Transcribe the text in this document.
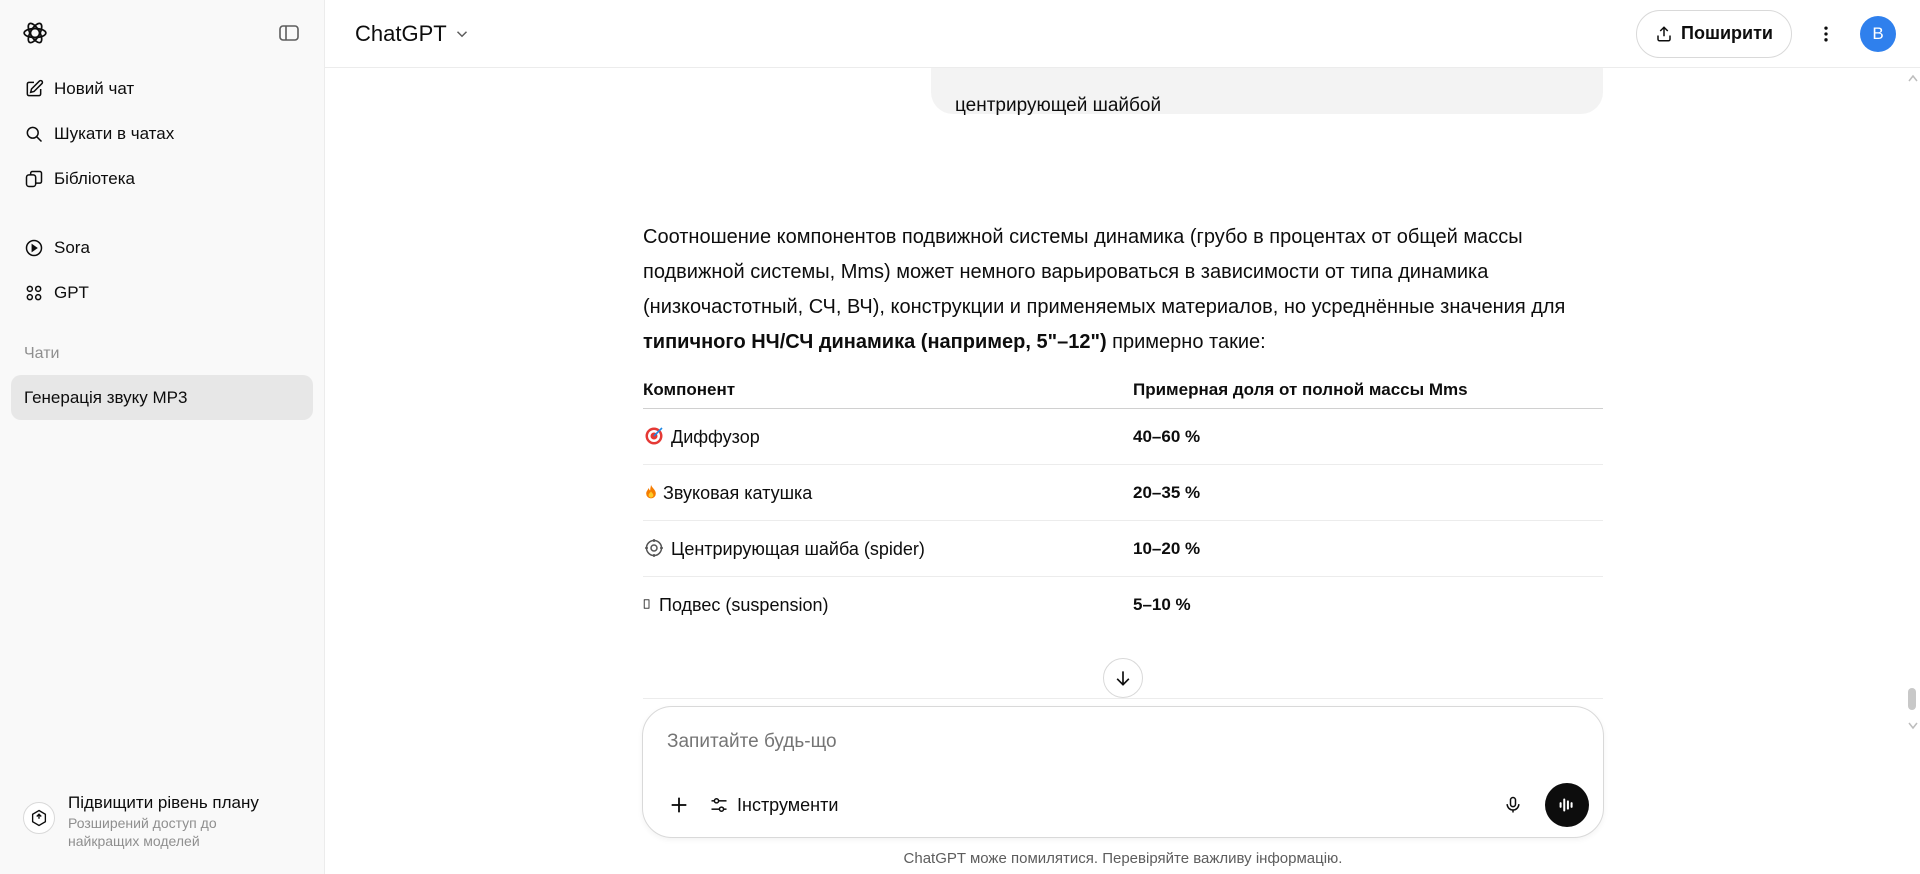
Новий чат
Шукати в чатах
Бібліотека
Sora
GPT
Чати
Генерація звуку MP3
Підвищити рівень плану
Розширений доступ до найкращих моделей
ChatGPT	Поширити	B
центрирующей шайбой

Соотношение компонентов подвижной системы динамика (грубо в процентах от общей массы подвижной системы, Mms) может немного варьироваться в зависимости от типа динамика (низкочастотный, СЧ, ВЧ), конструкции и применяемых материалов, но усреднённые значения для типичного НЧ/СЧ динамика (например, 5"–12") примерно такие:

Компонент	Примерная доля от полной массы Mms
Диффузор	40–60 %
Звуковая катушка	20–35 %
Центрирующая шайба (spider)	10–20 %
Подвес (suspension)	5–10 %
Запитайте будь-що
Інструменти
ChatGPT може помилятися. Перевіряйте важливу інформацію.
